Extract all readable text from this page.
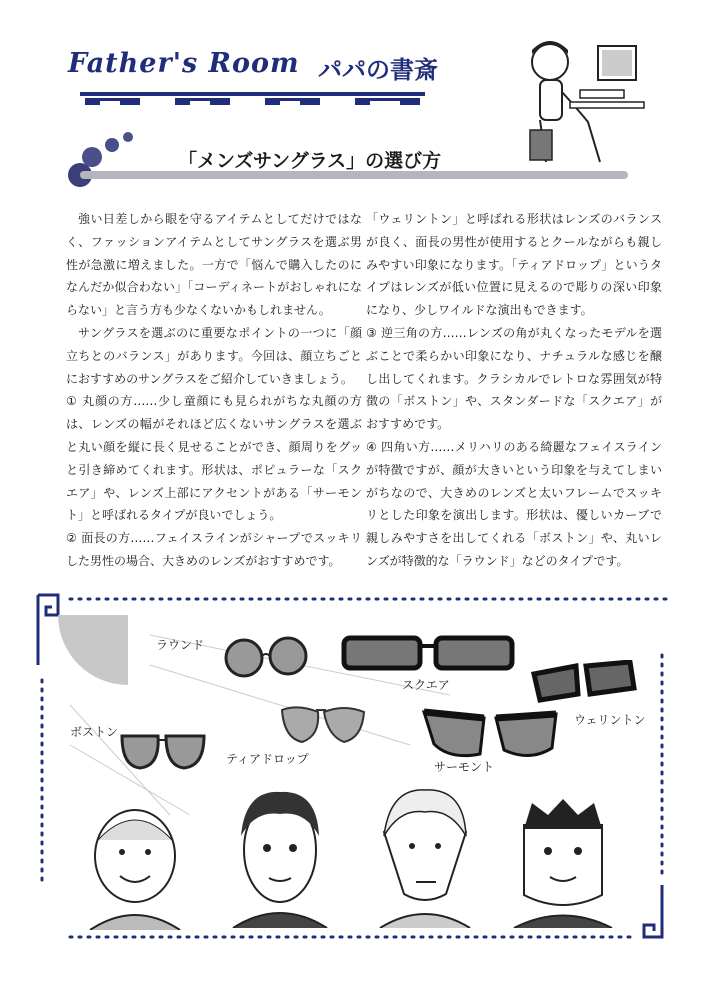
Father's Room パパの書斎
「メンズサングラス」の選び方

強い日差しから眼を守るアイテムとしてだけではなく、ファッションアイテムとしてサングラスを選ぶ男性が急激に増えました。一方で「悩んで購入したのになんだか似合わない」「コーディネートがおしゃれにならない」と言う方も少なくないかもしれません。

サングラスを選ぶのに重要なポイントの一つに「顔立ちとのバランス」があります。今回は、顔立ちごとにおすすめのサングラスをご紹介していきましょう。

① 丸顔の方……少し童顔にも見られがちな丸顔の方は、レンズの幅がそれほど広くないサングラスを選ぶと丸い顔を縦に長く見せることができ、顔周りをグッと引き締めてくれます。形状は、ポピュラーな「スクエア」や、レンズ上部にアクセントがある「サーモント」と呼ばれるタイプが良いでしょう。

② 面長の方……フェイスラインがシャープでスッキリした男性の場合、大きめのレンズがおすすめです。

「ウェリントン」と呼ばれる形状はレンズのバランスが良く、面長の男性が使用するとクールながらも親しみやすい印象になります。「ティアドロップ」というタイプはレンズが低い位置に見えるので彫りの深い印象になり、少しワイルドな演出もできます。

③ 逆三角の方……レンズの角が丸くなったモデルを選ぶことで柔らかい印象になり、ナチュラルな感じを醸し出してくれます。クラシカルでレトロな雰囲気が特徴の「ボストン」や、スタンダードな「スクエア」がおすすめです。

④ 四角い方……メリハリのある綺麗なフェイスラインが特徴ですが、顔が大きいという印象を与えてしまいがちなので、大きめのレンズと太いフレームでスッキリとした印象を演出します。形状は、優しいカーブで親しみやすさを出してくれる「ボストン」や、丸いレンズが特徴的な「ラウンド」などのタイプです。

ラウンド
スクエア
ウェリントン
ティアドロップ
ボストン
サーモント
